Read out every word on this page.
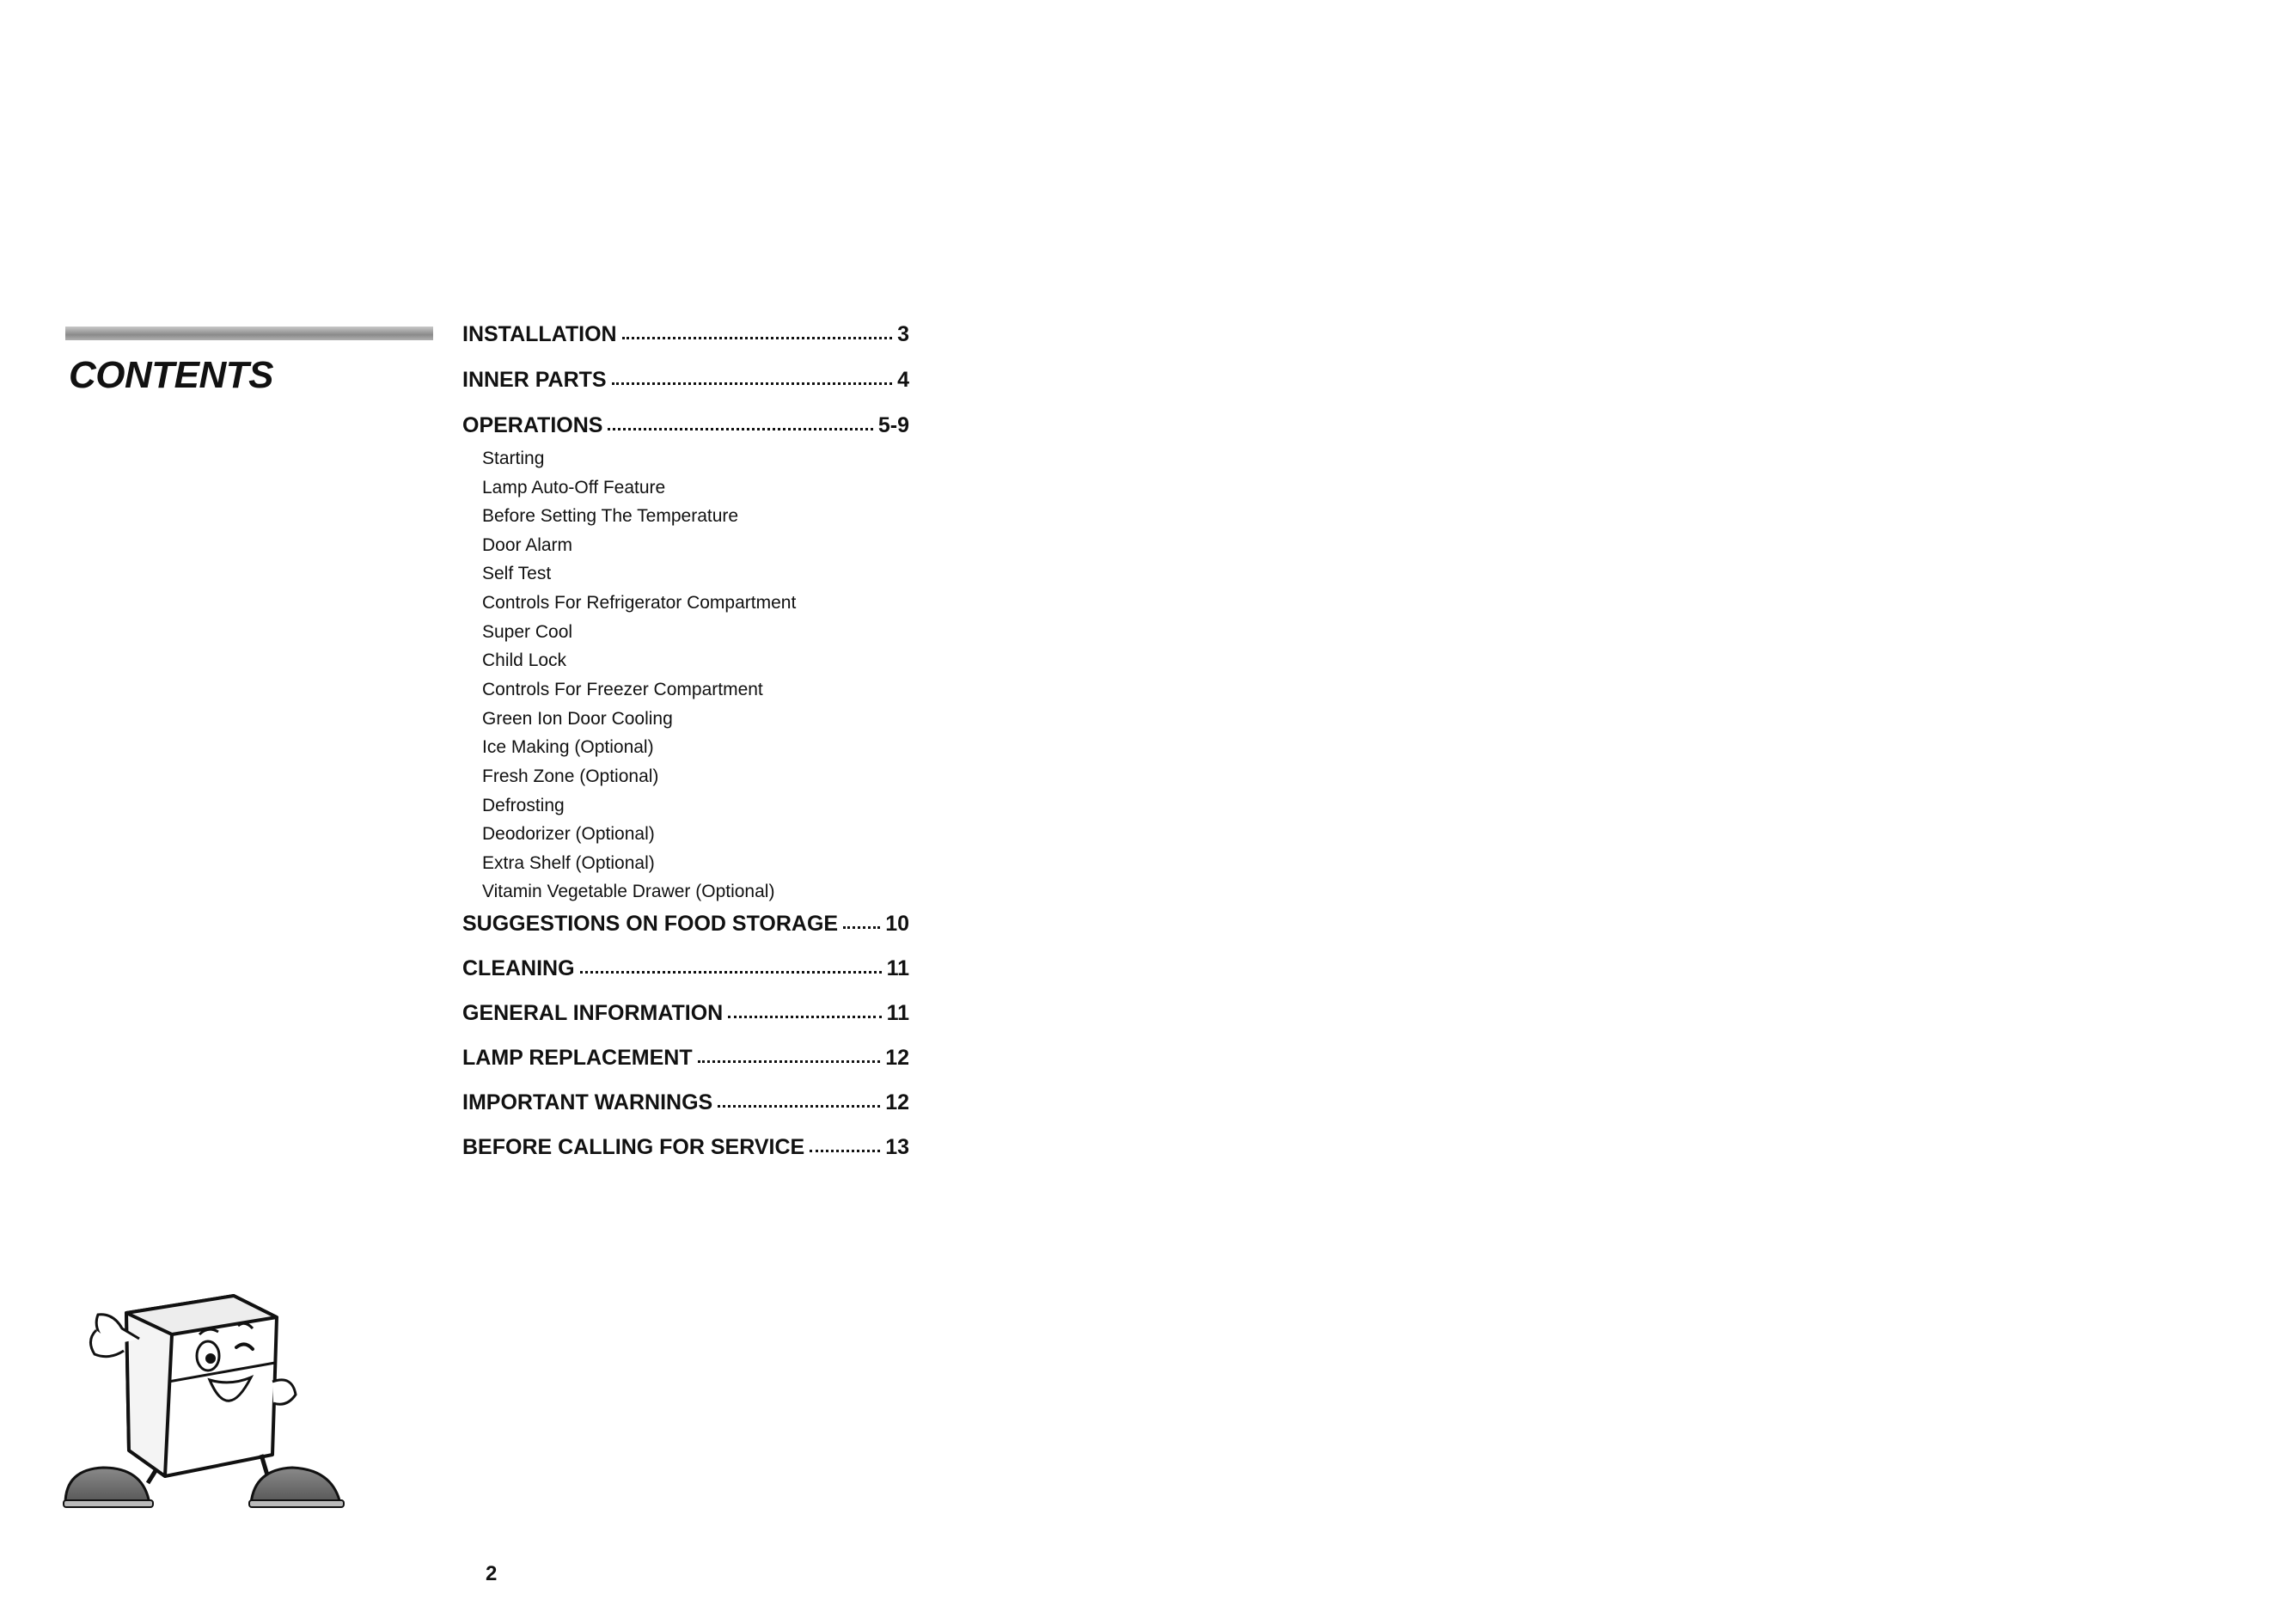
CONTENTS
INSTALLATION	3
INNER PARTS	4
OPERATIONS	5-9
Starting
Lamp Auto-Off Feature
Before Setting The Temperature
Door Alarm
Self Test
Controls For Refrigerator Compartment
Super Cool
Child Lock
Controls For Freezer Compartment
Green Ion Door Cooling
Ice Making (Optional)
Fresh Zone (Optional)
Defrosting
Deodorizer (Optional)
Extra Shelf (Optional)
Vitamin Vegetable Drawer (Optional)
SUGGESTIONS ON FOOD STORAGE 10
CLEANING	11
GENERAL INFORMATION	11
LAMP REPLACEMENT	12
IMPORTANT WARNINGS	12
BEFORE CALLING FOR SERVICE	13
2
